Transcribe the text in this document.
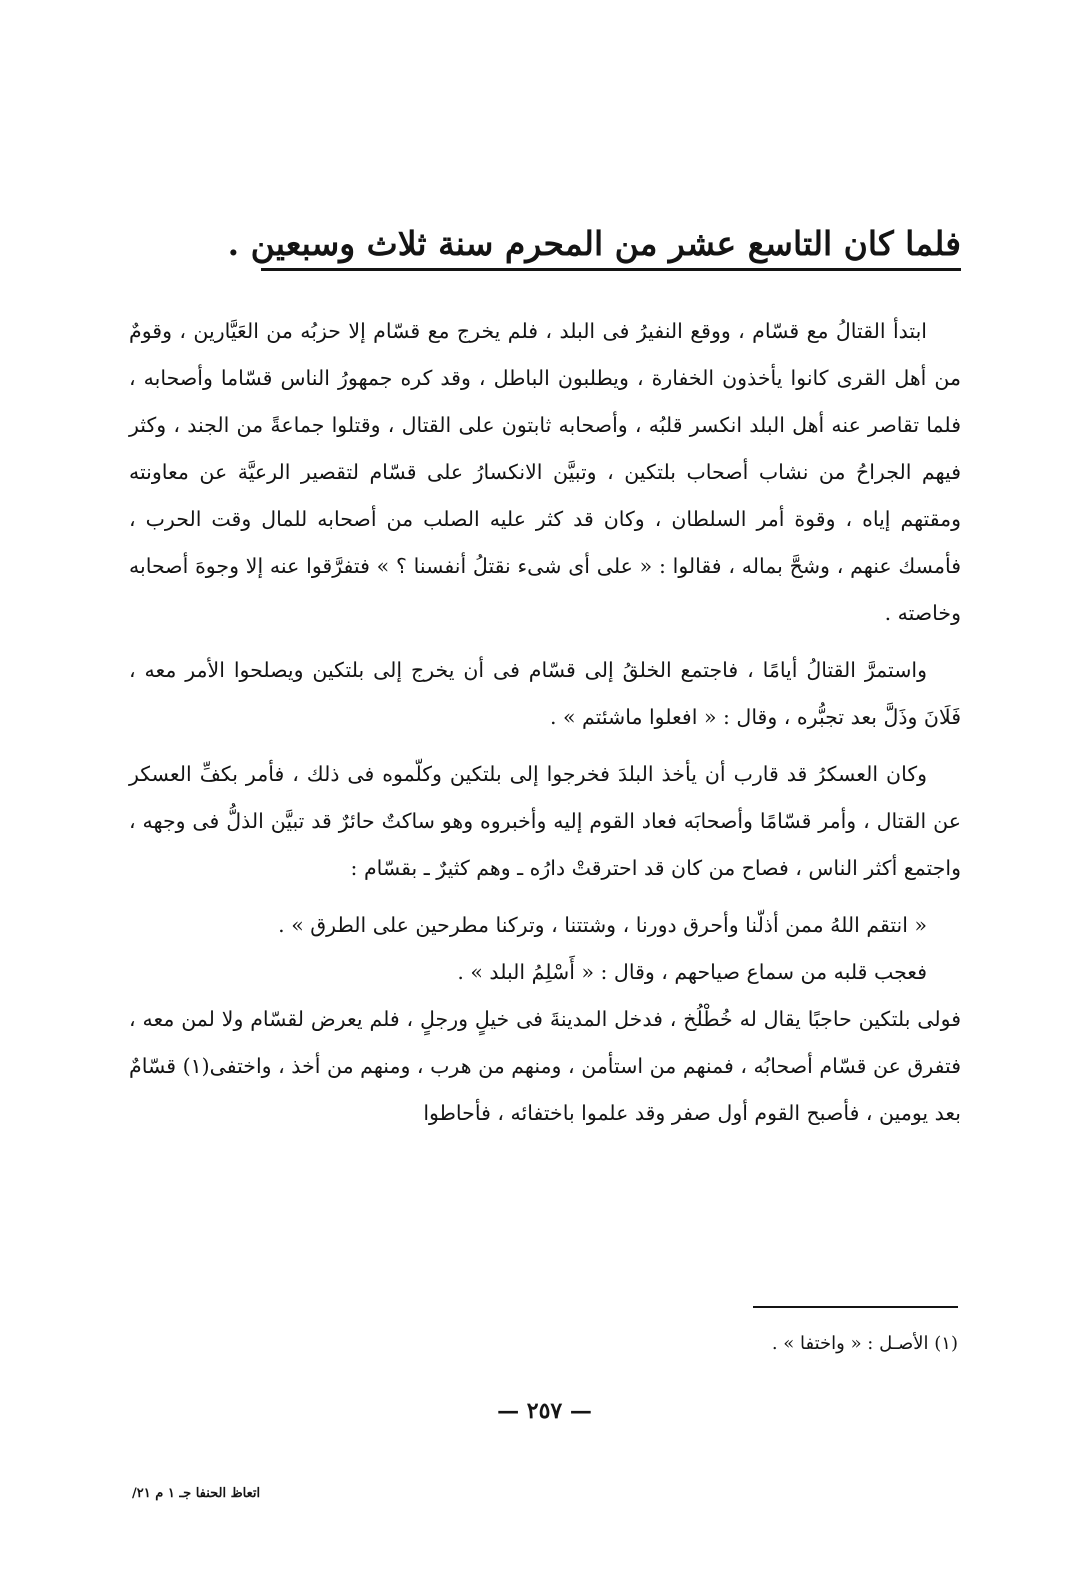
فلما كان التاسع عشر من المحرم سنة ثلاث وسبعين .

ابتدأ القتالُ مع قسّام ، ووقع النفيرُ فى البلد ، فلم يخرج مع قسّام إلا حزبُه من العَيَّارين ، وقومٌ من أهل القرى كانوا يأخذون الخفارة ، ويطلبون الباطل ، وقد كره جمهورُ الناس قسّاما وأصحابه ، فلما تقاصر عنه أهل البلد انكسر قلبُه ، وأصحابه ثابتون على القتال ، وقتلوا جماعةً من الجند ، وكثر فيهم الجراحُ من نشاب أصحاب بلتكين ، وتبيَّن الانكسارُ على قسّام لتقصير الرعيَّة عن معاونته ومقتهم إياه ، وقوة أمر السلطان ، وكان قد كثر عليه الصلب من أصحابه للمال وقت الحرب ، فأمسك عنهم ، وشحَّ بماله ، فقالوا : « على أى شىء نقتلُ أنفسنا ؟ » فتفرَّقوا عنه إلا وجوهَ أصحابه وخاصته .

واستمرَّ القتالُ أيامًا ، فاجتمع الخلقُ إلى قسّام فى أن يخرج إلى بلتكين ويصلحوا الأمر معه ، فَلَانَ وذَلَّ بعد تجبُّره ، وقال : « افعلوا ماشئتم » .

وكان العسكرُ قد قارب أن يأخذ البلدَ فخرجوا إلى بلتكين وكلّموه فى ذلك ، فأمر بكفِّ العسكر عن القتال ، وأمر قسّامًا وأصحابَه فعاد القوم إليه وأخبروه وهو ساكتٌ حائرٌ قد تبيَّن الذلُّ فى وجهه ، واجتمع أكثر الناس ، فصاح من كان قد احترقتْ دارُه ـ وهم كثيرٌ ـ بقسّام :

« انتقم اللهُ ممن أذلّنا وأحرق دورنا ، وشتتنا ، وتركنا مطرحين على الطرق » .

فعجب قلبه من سماع صياحهم ، وقال : « أَسْلِمُ البلد » .

فولى بلتكين حاجبًا يقال له خُطْلُخ ، فدخل المدينةَ فى خيلٍ ورجلٍ ، فلم يعرض لقسّام ولا لمن معه ، فتفرق عن قسّام أصحابُه ، فمنهم من استأمن ، ومنهم من هرب ، ومنهم من أخذ ، واختفى(١) قسّامٌ بعد يومين ، فأصبح القوم أول صفر وقد علموا باختفائه ، فأحاطوا

(١) الأصـل : « واختفا » .
— ٢٥٧ —
اتعاظ الحنفا جـ ١ م ٢١/
